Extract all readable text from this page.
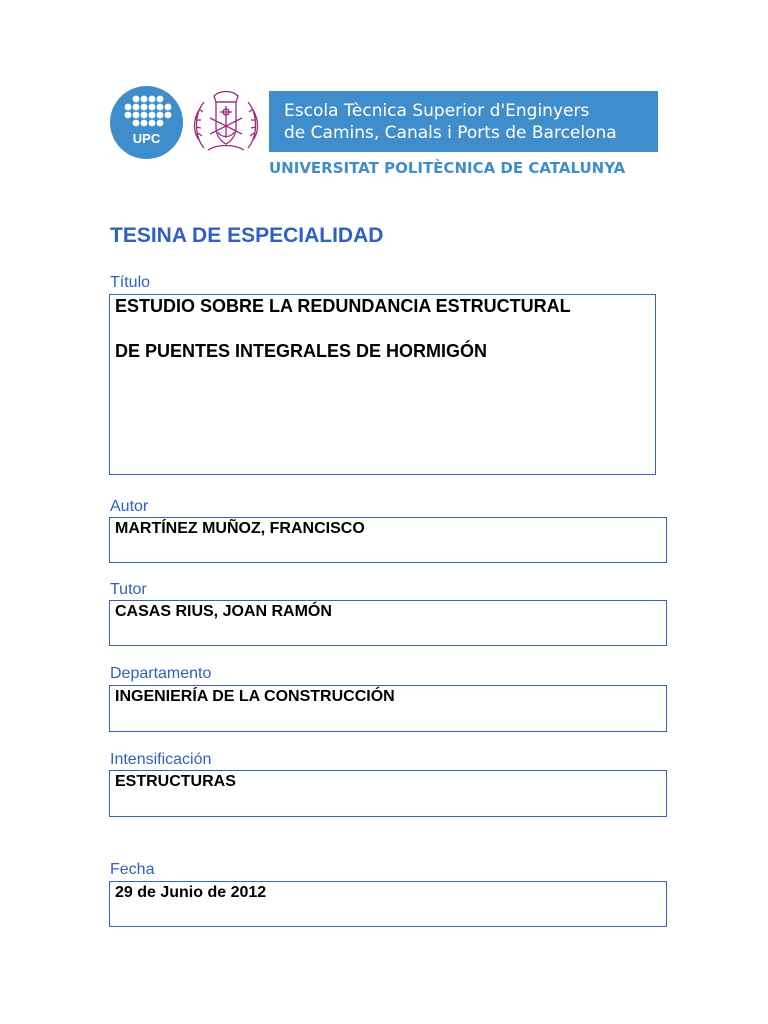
UPC
Escola Tècnica Superior d'Enginyers
de Camins, Canals i Ports de Barcelona
UNIVERSITAT POLITÈCNICA DE CATALUNYA
TESINA DE ESPECIALIDAD
Título
ESTUDIO SOBRE LA REDUNDANCIA ESTRUCTURAL
DE PUENTES INTEGRALES DE HORMIGÓN
Autor
MARTÍNEZ MUÑOZ, FRANCISCO
Tutor
CASAS RIUS, JOAN RAMÓN
Departamento
INGENIERÍA DE LA CONSTRUCCIÓN
Intensificación
ESTRUCTURAS
Fecha
29 de Junio de 2012
